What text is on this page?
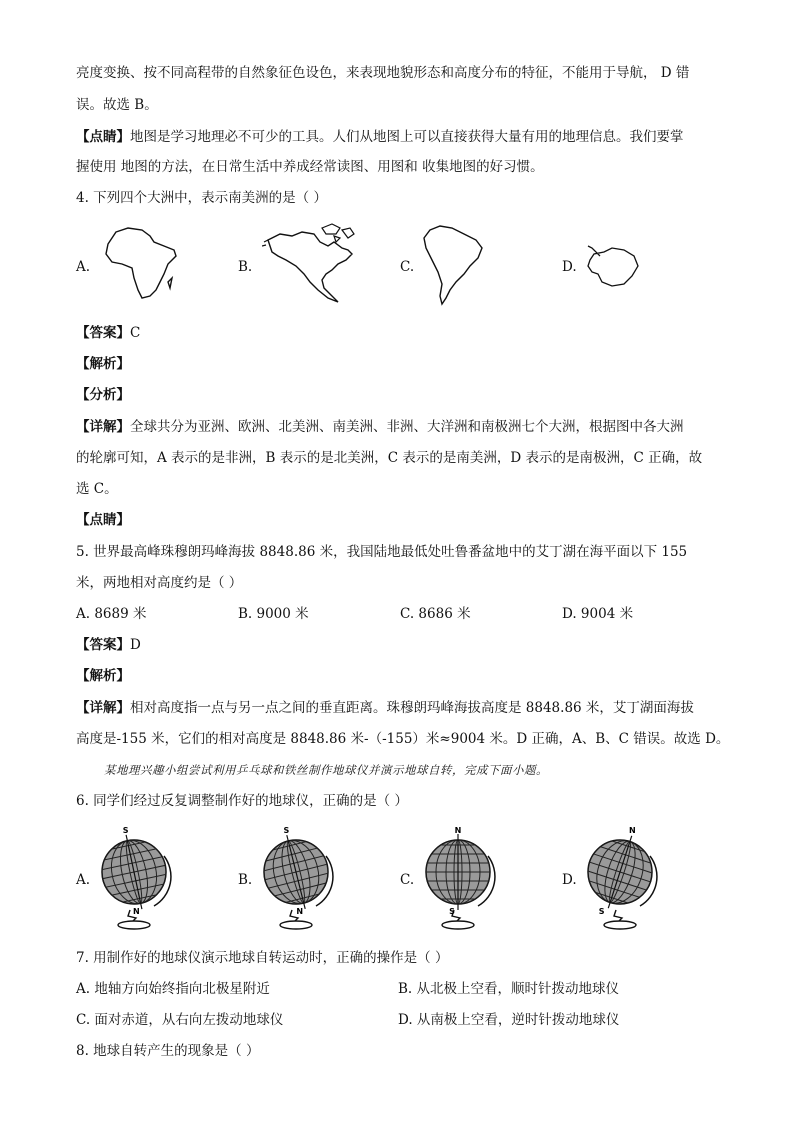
亮度变换、按不同高程带的自然象征色设色，来表现地貌形态和高度分布的特征，不能用于导航， D 错
误。故选 B。
【点睛】地图是学习地理必不可少的工具。人们从地图上可以直接获得大量有用的地理信息。我们要掌
握使用 地图的方法，在日常生活中养成经常读图、用图和 收集地图的好习惯。
4. 下列四个大洲中，表示南美洲的是（ ）
A.	B.	C.	D.
【答案】C
【解析】
【分析】
【详解】全球共分为亚洲、欧洲、北美洲、南美洲、非洲、大洋洲和南极洲七个大洲，根据图中各大洲
的轮廓可知，A 表示的是非洲，B 表示的是北美洲，C 表示的是南美洲，D 表示的是南极洲，C 正确，故
选 C。
【点睛】
5. 世界最高峰珠穆朗玛峰海拔 8848.86 米，我国陆地最低处吐鲁番盆地中的艾丁湖在海平面以下 155
米，两地相对高度约是（ ）
A. 8689 米	B. 9000 米	C. 8686 米	D. 9004 米
【答案】D
【解析】
【详解】相对高度指一点与另一点之间的垂直距离。珠穆朗玛峰海拔高度是 8848.86 米，艾丁湖面海拔
高度是-155 米，它们的相对高度是 8848.86 米-（-155）米≈9004 米。D 正确，A、B、C 错误。故选 D。
某地理兴趣小组尝试利用乒乓球和铁丝制作地球仪并演示地球自转，完成下面小题。
6. 同学们经过反复调整制作好的地球仪，正确的是（ ）
A.	B.	C.	D.
S
N
S
N
N
S
N
S
7. 用制作好的地球仪演示地球自转运动时，正确的操作是（ ）
A. 地轴方向始终指向北极星附近	B. 从北极上空看，顺时针拨动地球仪
C. 面对赤道，从右向左拨动地球仪	D. 从南极上空看，逆时针拨动地球仪
8. 地球自转产生的现象是（ ）
